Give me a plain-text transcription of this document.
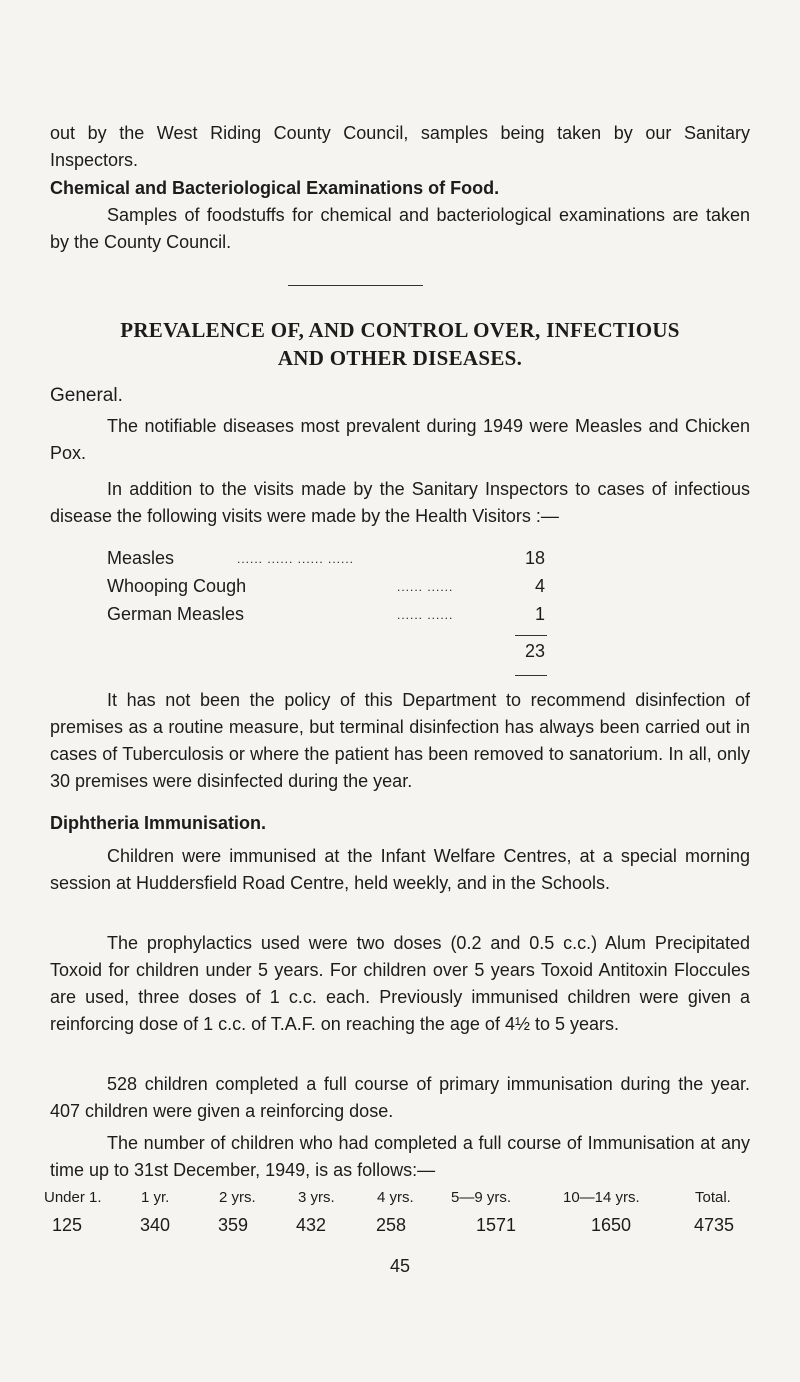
out by the West Riding County Council, samples being taken by our Sanitary Inspectors.

Chemical and Bacteriological Examinations of Food.

Samples of foodstuffs for chemical and bacteriological examinations are taken by the County Council.

PREVALENCE OF, AND CONTROL OVER, INFECTIOUS

AND OTHER DISEASES.

General.

The notifiable diseases most prevalent during 1949 were Measles and Chicken Pox.

In addition to the visits made by the Sanitary Inspectors to cases of infectious disease the following visits were made by the Health Visitors :—

Measles	...... ...... ...... ......	18
Whooping Cough	...... ......	4
German Measles	...... ......	1
23

It has not been the policy of this Department to recommend disinfection of premises as a routine measure, but terminal disinfection has always been carried out in cases of Tuberculosis or where the patient has been removed to sanatorium. In all, only 30 premises were disinfected during the year.

Diphtheria Immunisation.

Children were immunised at the Infant Welfare Centres, at a special morning session at Huddersfield Road Centre, held weekly, and in the Schools.

The prophylactics used were two doses (0.2 and 0.5 c.c.) Alum Precipitated Toxoid for children under 5 years. For children over 5 years Toxoid Antitoxin Floccules are used, three doses of 1 c.c. each. Previously immunised children were given a reinforcing dose of 1 c.c. of T.A.F. on reaching the age of 4½ to 5 years.

528 children completed a full course of primary immunisation during the year. 407 children were given a reinforcing dose.

The number of children who had completed a full course of Immunisation at any time up to 31st December, 1949, is as follows:—

Under 1.	1 yr.	2 yrs.	3 yrs.	4 yrs. 5—9 yrs.	10—14 yrs.	Total.
125	340	359	432	258	1571	1650	4735
45
